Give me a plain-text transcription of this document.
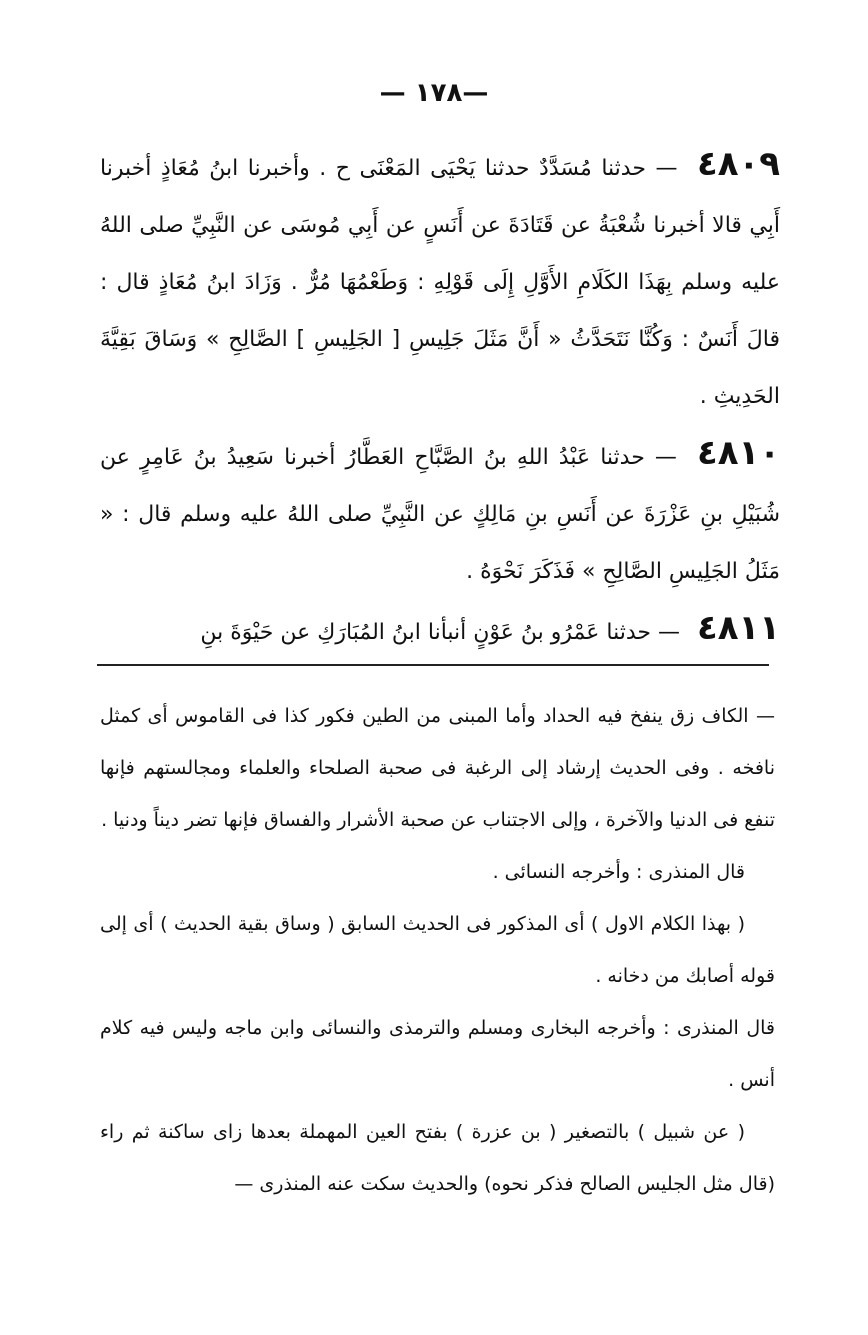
—١٧٨ —

٤٨٠٩ — حدثنا مُسَدَّدٌ حدثنا يَحْيَى المَعْنَى ح . وأخبرنا ابنُ مُعَاذٍ أخبرنا أَبِي قالا أخبرنا شُعْبَةُ عن قَتَادَةَ عن أَنَسٍ عن أَبِي مُوسَى عن النَّبِيِّ صلى اللهُ عليه وسلم بِهَذَا الكَلَامِ الأَوَّلِ إِلَى قَوْلِهِ : وَطَعْمُهَا مُرٌّ . وَزَادَ ابنُ مُعَاذٍ قال : قالَ أَنَسٌ : وَكُنَّا نَتَحَدَّثُ « أَنَّ مَثَلَ جَلِيسِ [ الجَلِيسِ ] الصَّالِحِ » وَسَاقَ بَقِيَّةَ الحَدِيثِ .

٤٨١٠ — حدثنا عَبْدُ اللهِ بنُ الصَّبَّاحِ العَطَّارُ أخبرنا سَعِيدُ بنُ عَامِرٍ عن شُبَيْلِ بنِ عَزْرَةَ عن أَنَسِ بنِ مَالِكٍ عن النَّبِيِّ صلى اللهُ عليه وسلم قال : « مَثَلُ الجَلِيسِ الصَّالِحِ » فَذَكَرَ نَحْوَهُ .

٤٨١١ — حدثنا عَمْرُو بنُ عَوْنٍ أنبأنا ابنُ المُبَارَكِ عن حَيْوَةَ بنِ

— الكاف زق ينفخ فيه الحداد وأما المبنى من الطين فكور كذا فى القاموس أى كمثل نافخه . وفى الحديث إرشاد إلى الرغبة فى صحبة الصلحاء والعلماء ومجالستهم فإنها تنفع فى الدنيا والآخرة ، وإلى الاجتناب عن صحبة الأشرار والفساق فإنها تضر ديناً ودنيا .

قال المنذرى : وأخرجه النسائى .

( بهذا الكلام الاول ) أى المذكور فى الحديث السابق ( وساق بقية الحديث ) أى إلى قوله أصابك من دخانه .

قال المنذرى : وأخرجه البخارى ومسلم والترمذى والنسائى وابن ماجه وليس فيه كلام أنس .

( عن شبيل ) بالتصغير ( بن عزرة ) بفتح العين المهملة بعدها زاى ساكنة ثم راء (قال مثل الجليس الصالح فذكر نحوه) والحديث سكت عنه المنذرى —
